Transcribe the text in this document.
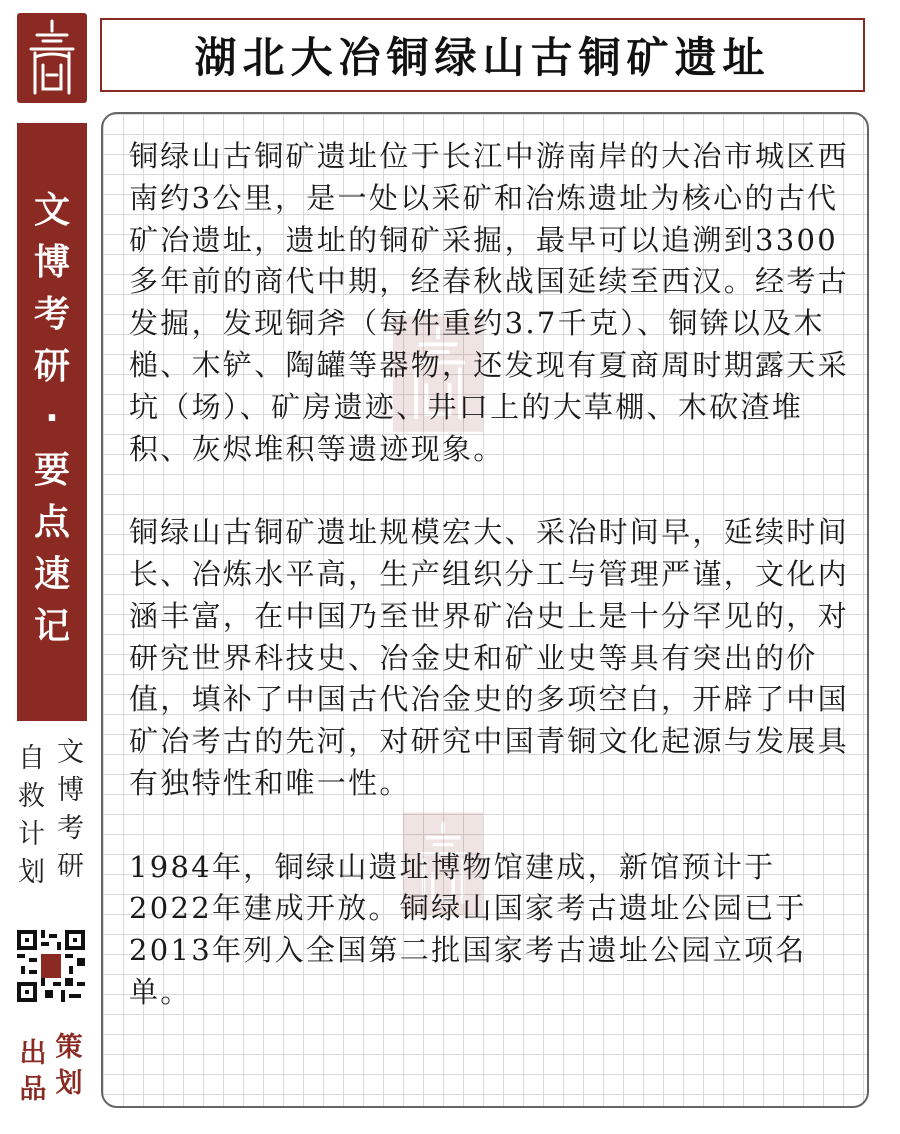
湖北大冶铜绿山古铜矿遗址
文
博
考
研
·
要
点
速
记
自
救
计
划
文
博
考
研
出
品
策
划

铜绿山古铜矿遗址位于长江中游南岸的大冶市城区西南约3公里，是一处以采矿和冶炼遗址为核心的古代矿冶遗址，遗址的铜矿采掘，最早可以追溯到3300多年前的商代中期，经春秋战国延续至西汉。经考古发掘，发现铜斧（每件重约3.7千克）、铜锛以及木槌、木铲、陶罐等器物，还发现有夏商周时期露天采坑（场）、矿房遗迹、井口上的大草棚、木砍渣堆积、灰烬堆积等遗迹现象。

铜绿山古铜矿遗址规模宏大、采冶时间早，延续时间长、冶炼水平高，生产组织分工与管理严谨，文化内涵丰富，在中国乃至世界矿冶史上是十分罕见的，对研究世界科技史、冶金史和矿业史等具有突出的价值，填补了中国古代冶金史的多项空白，开辟了中国矿冶考古的先河，对研究中国青铜文化起源与发展具有独特性和唯一性。

1984年，铜绿山遗址博物馆建成，新馆预计于2022年建成开放。铜绿山国家考古遗址公园已于2013年列入全国第二批国家考古遗址公园立项名单。
